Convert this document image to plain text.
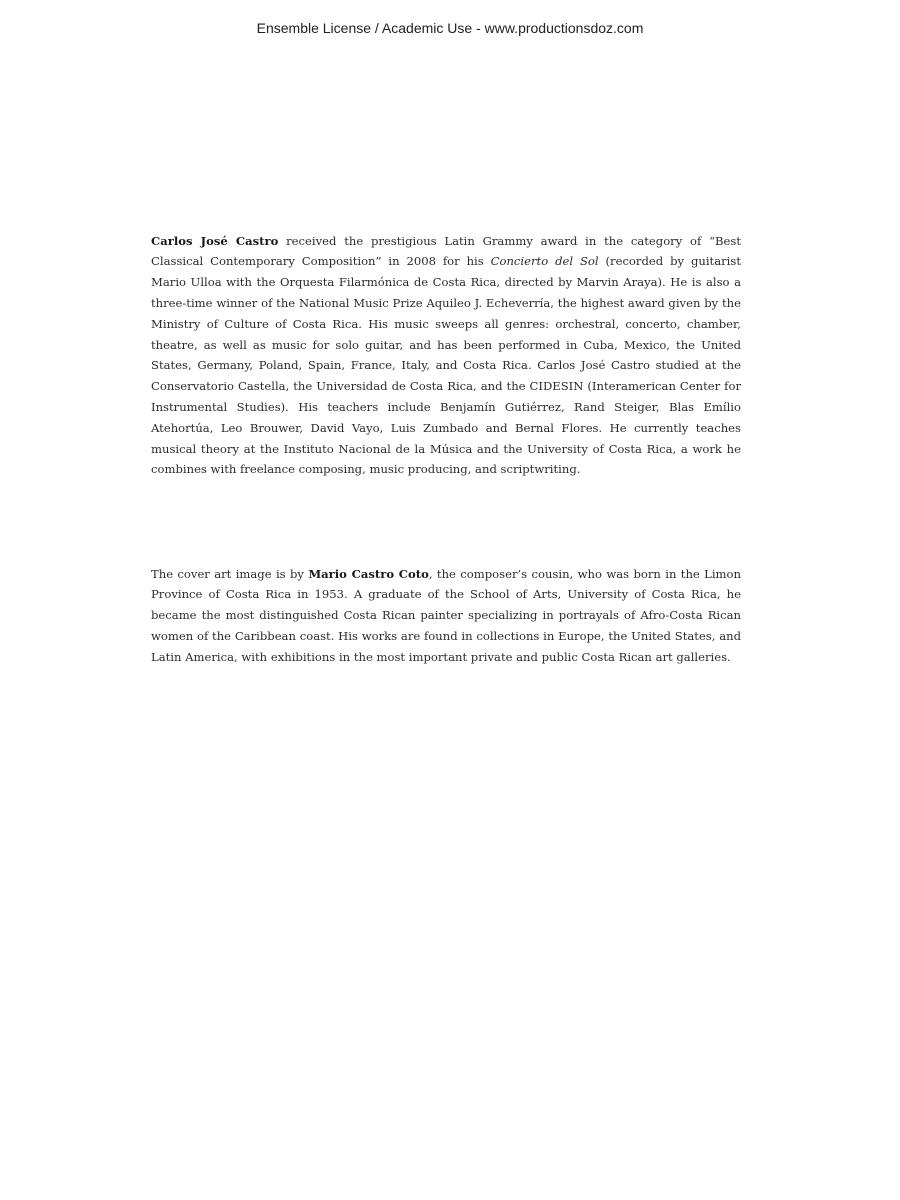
Ensemble License / Academic Use - www.productionsdoz.com

Carlos José Castro received the prestigious Latin Grammy award in the category of “Best Classical Contemporary Composition” in 2008 for his Concierto del Sol (recorded by guitarist Mario Ulloa with the Orquesta Filarmónica de Costa Rica, directed by Marvin Araya). He is also a three-time winner of the National Music Prize Aquileo J. Echeverría, the highest award given by the Ministry of Culture of Costa Rica. His music sweeps all genres: orchestral, concerto, chamber, theatre, as well as music for solo guitar, and has been performed in Cuba, Mexico, the United States, Germany, Poland, Spain, France, Italy, and Costa Rica. Carlos José Castro studied at the Conservatorio Castella, the Universidad de Costa Rica, and the CIDESIN (Interamerican Center for Instrumental Studies). His teachers include Benjamín Gutiérrez, Rand Steiger, Blas Emílio Atehortúa, Leo Brouwer, David Vayo, Luis Zumbado and Bernal Flores. He currently teaches musical theory at the Instituto Nacional de la Música and the University of Costa Rica, a work he combines with freelance composing, music producing, and scriptwriting.

The cover art image is by Mario Castro Coto, the composer’s cousin, who was born in the Limon Province of Costa Rica in 1953. A graduate of the School of Arts, University of Costa Rica, he became the most distinguished Costa Rican painter specializing in portrayals of Afro-Costa Rican women of the Caribbean coast. His works are found in collections in Europe, the United States, and Latin America, with exhibitions in the most important private and public Costa Rican art galleries.
